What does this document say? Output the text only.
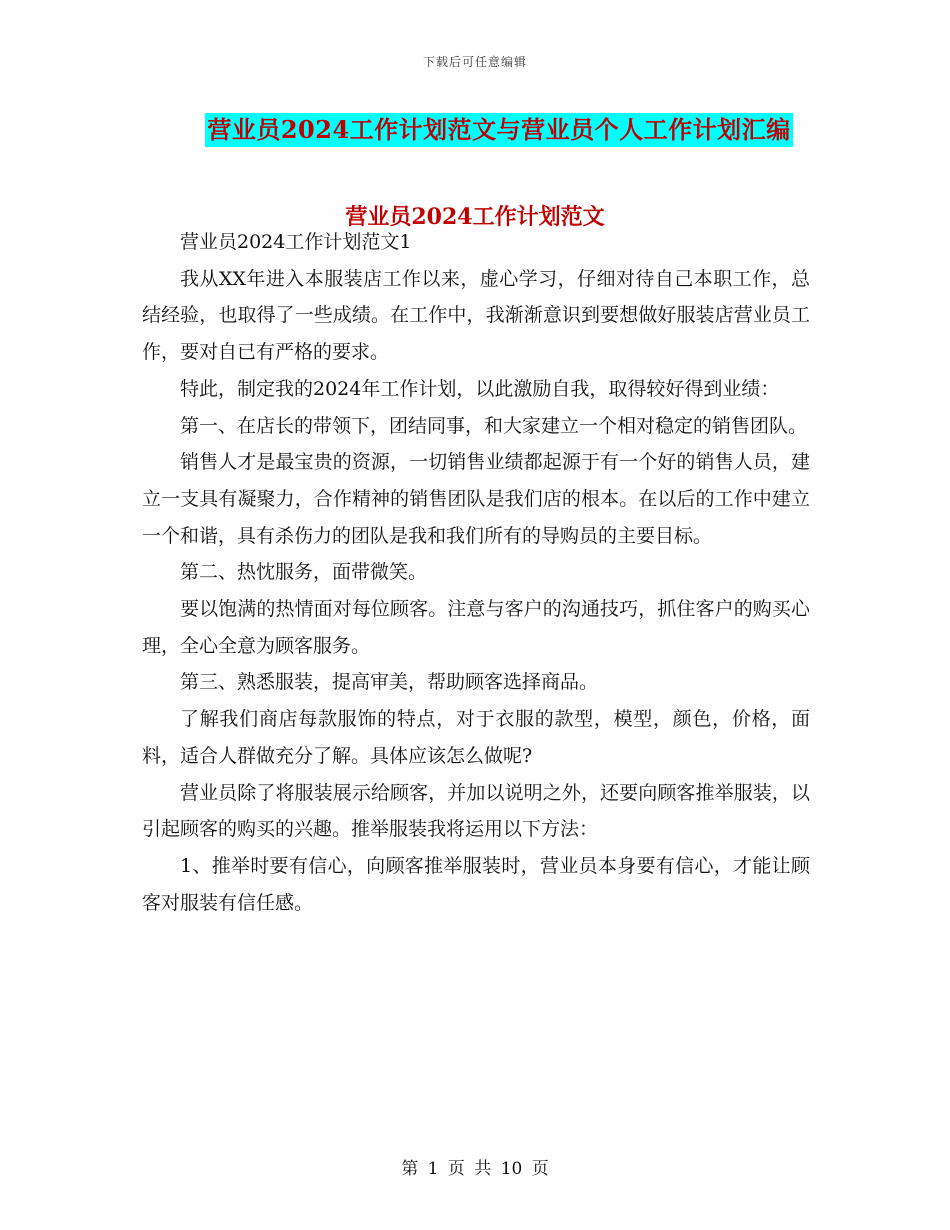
下载后可任意编辑
营业员2024工作计划范文与营业员个人工作计划汇编
营业员2024工作计划范文

营业员2024工作计划范文1

我从XX年进入本服装店工作以来，虚心学习，仔细对待自己本职工作，总结经验，也取得了一些成绩。在工作中，我渐渐意识到要想做好服装店营业员工作，要对自已有严格的要求。

特此，制定我的2024年工作计划，以此激励自我，取得较好得到业绩：

第一、在店长的带领下，团结同事，和大家建立一个相对稳定的销售团队。

销售人才是最宝贵的资源，一切销售业绩都起源于有一个好的销售人员，建立一支具有凝聚力，合作精神的销售团队是我们店的根本。在以后的工作中建立一个和谐，具有杀伤力的团队是我和我们所有的导购员的主要目标。

第二、热忱服务，面带微笑。

要以饱满的热情面对每位顾客。注意与客户的沟通技巧，抓住客户的购买心理，全心全意为顾客服务。

第三、熟悉服装，提高审美，帮助顾客选择商品。

了解我们商店每款服饰的特点，对于衣服的款型，模型，颜色，价格，面料，适合人群做充分了解。具体应该怎么做呢?

营业员除了将服装展示给顾客，并加以说明之外，还要向顾客推举服装，以引起顾客的购买的兴趣。推举服装我将运用以下方法：

1、推举时要有信心，向顾客推举服装时，营业员本身要有信心，才能让顾客对服装有信任感。

第 1 页 共 10 页
